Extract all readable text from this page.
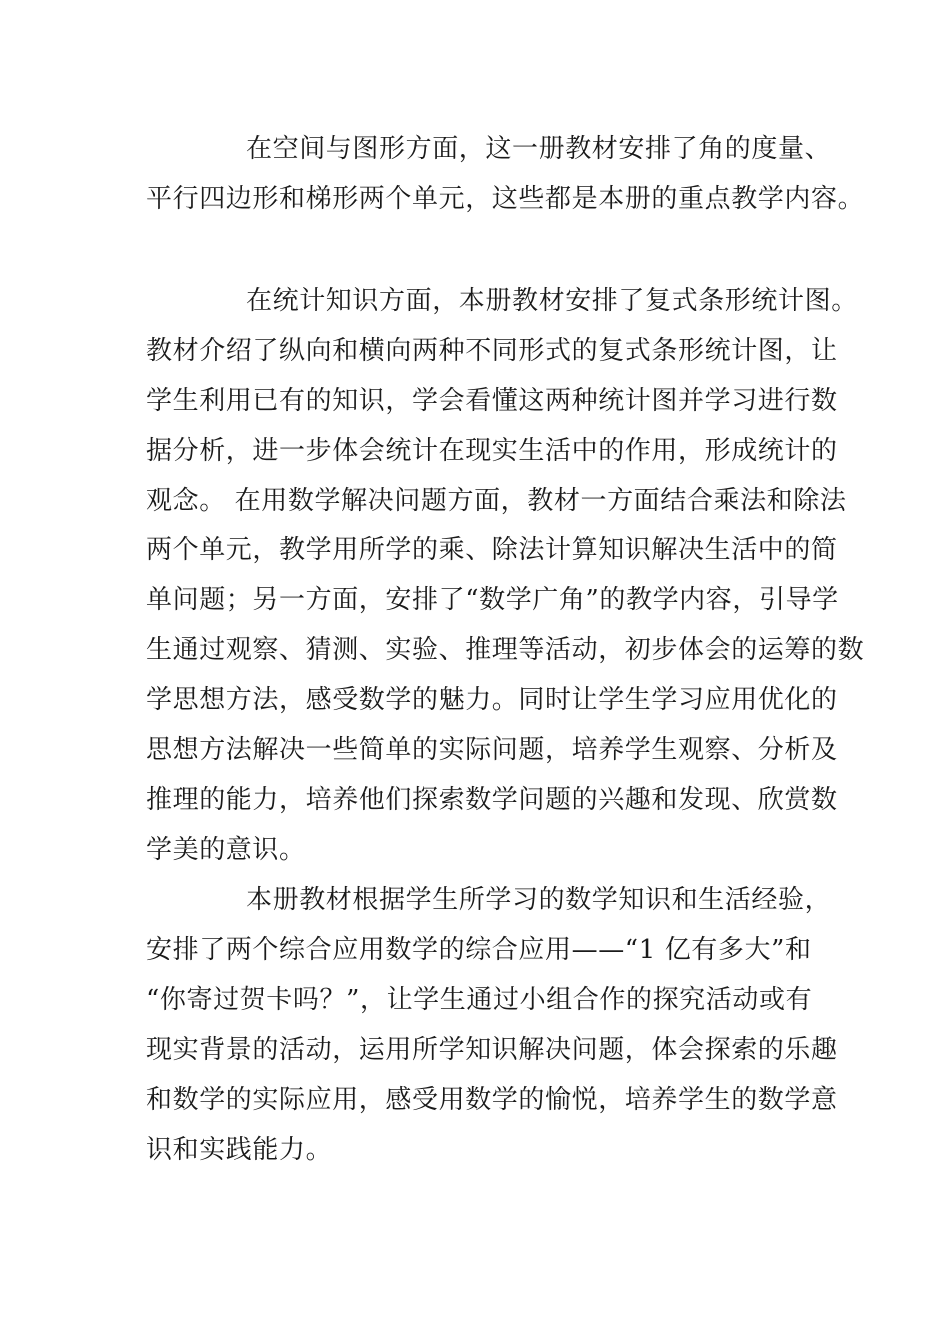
在空间与图形方面，这一册教材安排了角的度量、
平行四边形和梯形两个单元，这些都是本册的重点教学内容。
在统计知识方面，本册教材安排了复式条形统计图。
教材介绍了纵向和横向两种不同形式的复式条形统计图，让
学生利用已有的知识，学会看懂这两种统计图并学习进行数
据分析，进一步体会统计在现实生活中的作用，形成统计的
观念。 在用数学解决问题方面，教材一方面结合乘法和除法
两个单元，教学用所学的乘、除法计算知识解决生活中的简
单问题；另一方面，安排了“数学广角”的教学内容，引导学
生通过观察、猜测、实验、推理等活动，初步体会的运筹的数
学思想方法，感受数学的魅力。同时让学生学习应用优化的
思想方法解决一些简单的实际问题，培养学生观察、分析及
推理的能力，培养他们探索数学问题的兴趣和发现、欣赏数
学美的意识。
本册教材根据学生所学习的数学知识和生活经验，
安排了两个综合应用数学的综合应用——“1 亿有多大”和
“你寄过贺卡吗？”，让学生通过小组合作的探究活动或有
现实背景的活动，运用所学知识解决问题，体会探索的乐趣
和数学的实际应用，感受用数学的愉悦，培养学生的数学意
识和实践能力。
